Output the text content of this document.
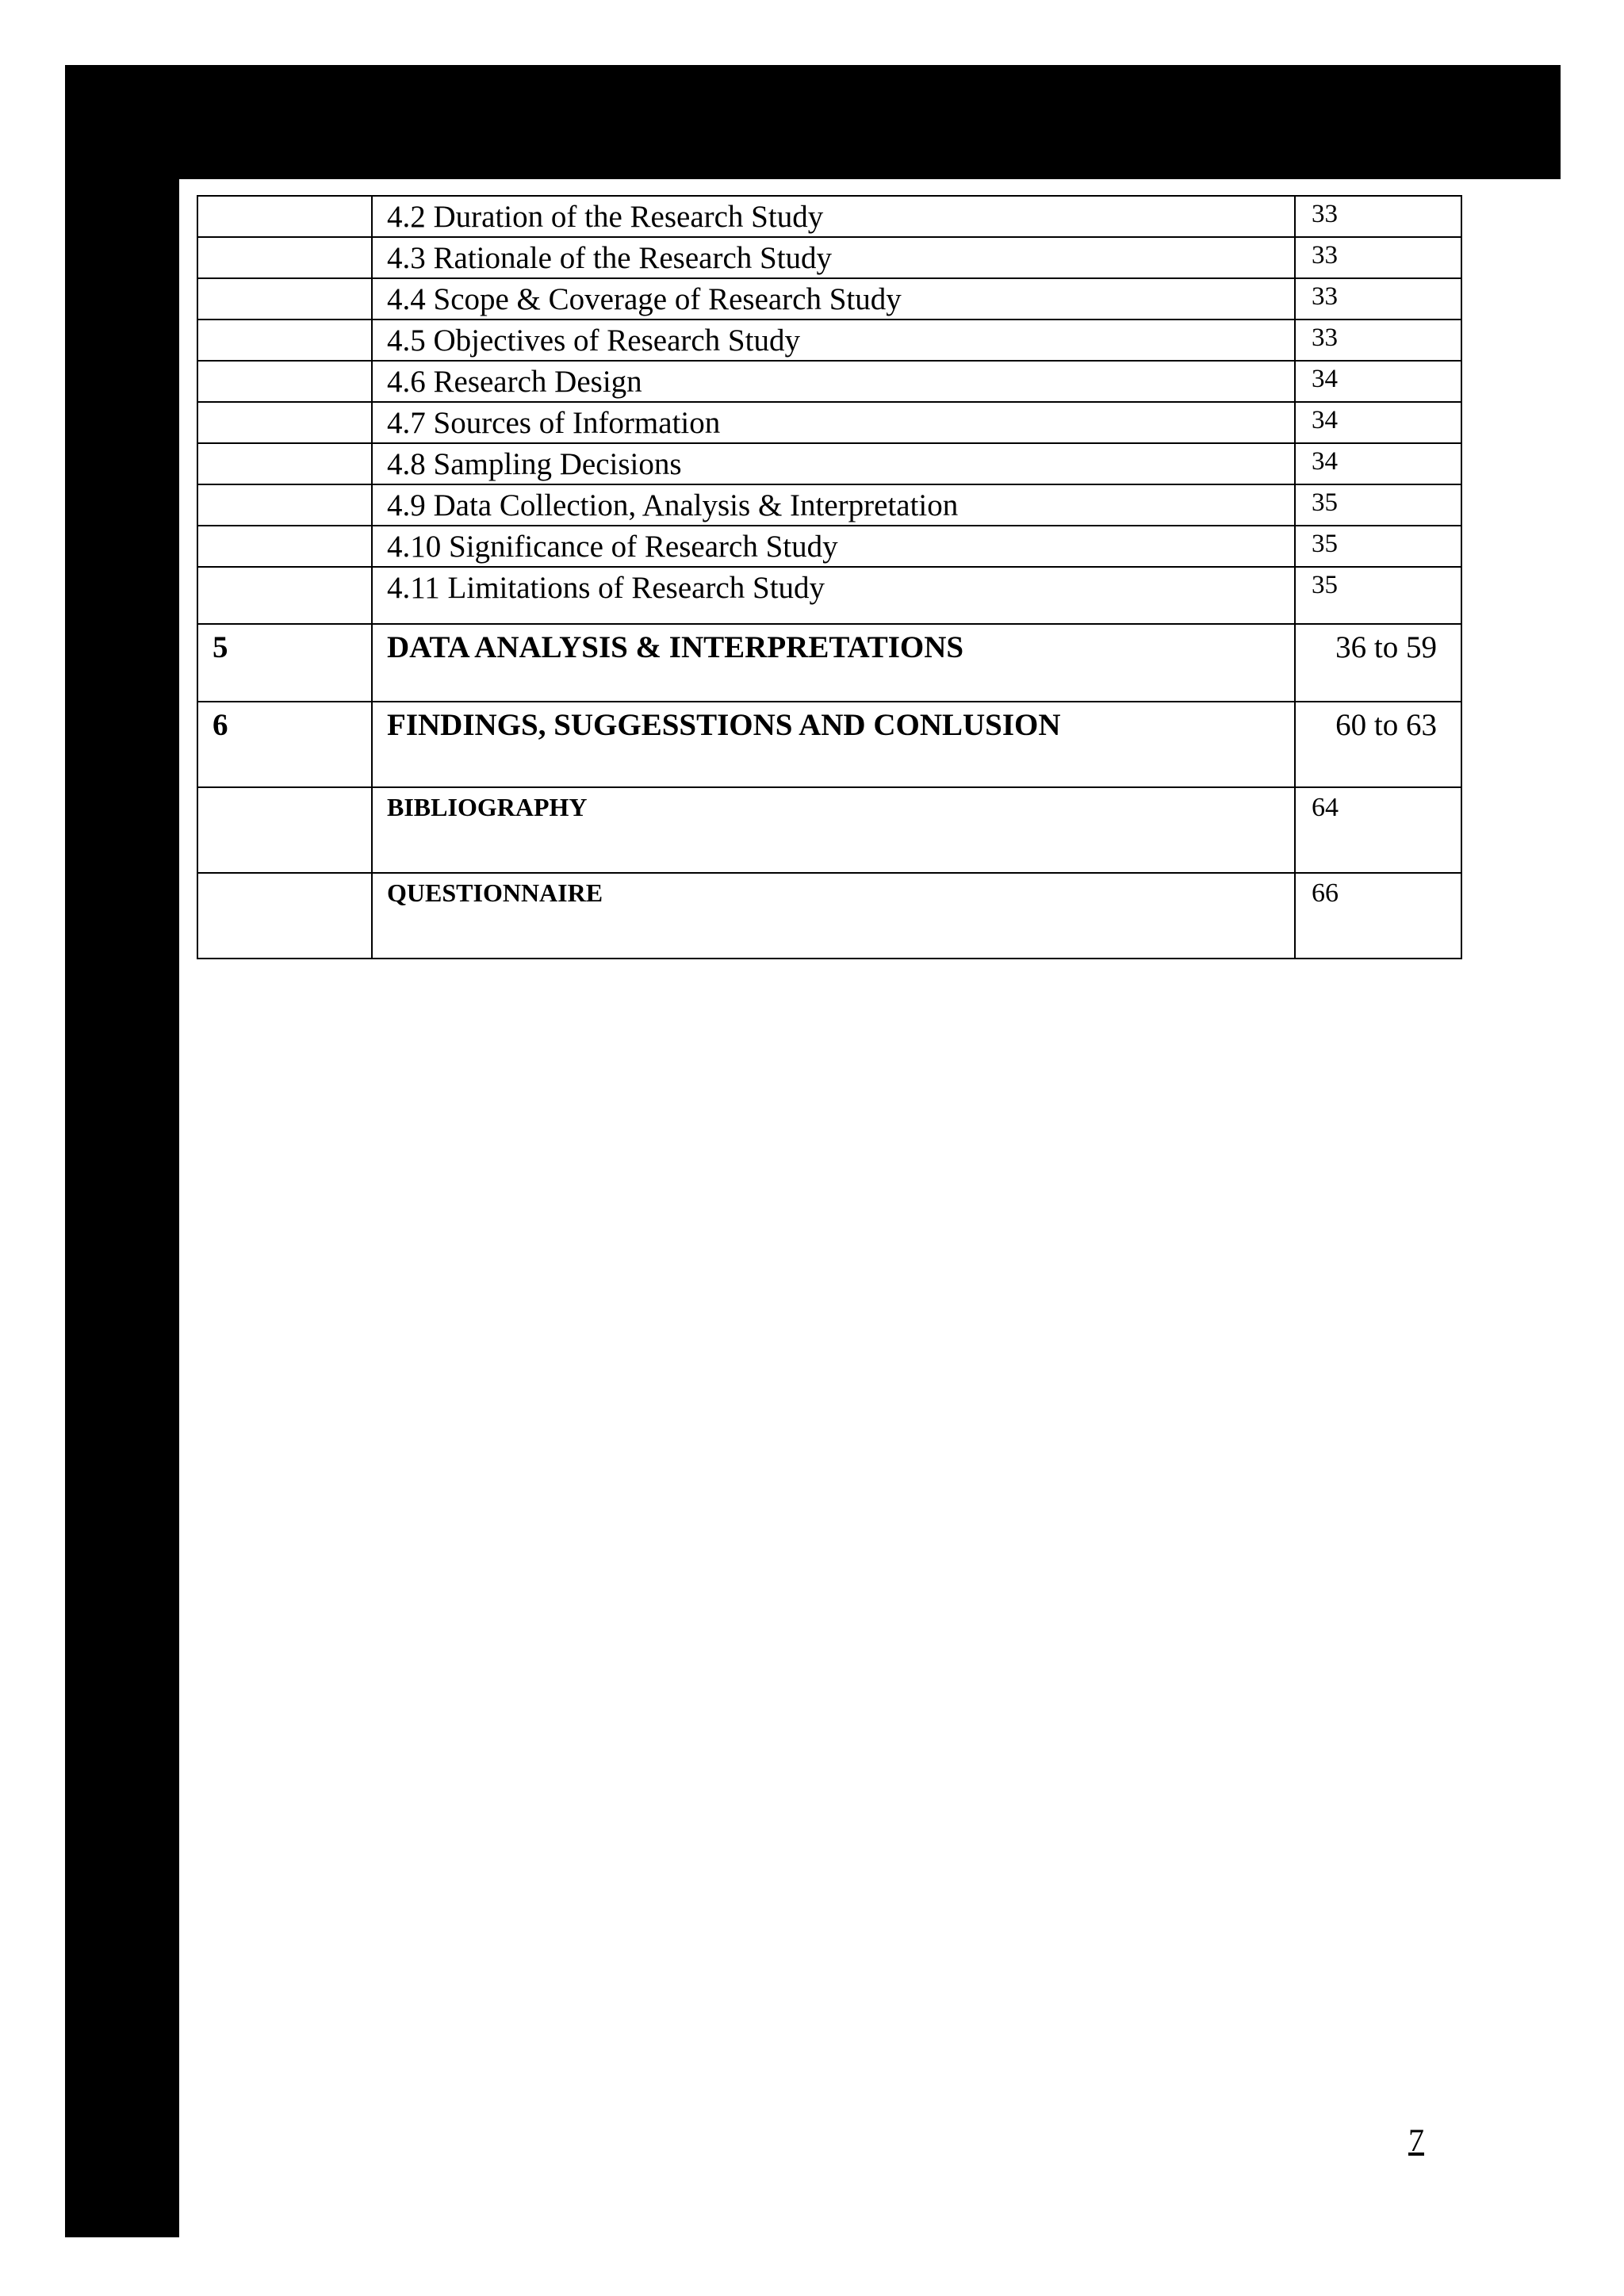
	4.2 Duration of the Research Study	33
	4.3 Rationale of the Research Study	33
	4.4 Scope & Coverage of Research Study	33
	4.5 Objectives of Research Study	33
	4.6 Research Design	34
	4.7 Sources of Information	34
	4.8 Sampling Decisions	34
	4.9 Data Collection, Analysis & Interpretation	35
	4.10 Significance of Research Study	35
	4.11 Limitations of Research Study	35
5	DATA ANALYSIS & INTERPRETATIONS	36 to 59
6	FINDINGS, SUGGESSTIONS AND CONLUSION	60 to 63
	BIBLIOGRAPHY	64
	QUESTIONNAIRE	66
7
